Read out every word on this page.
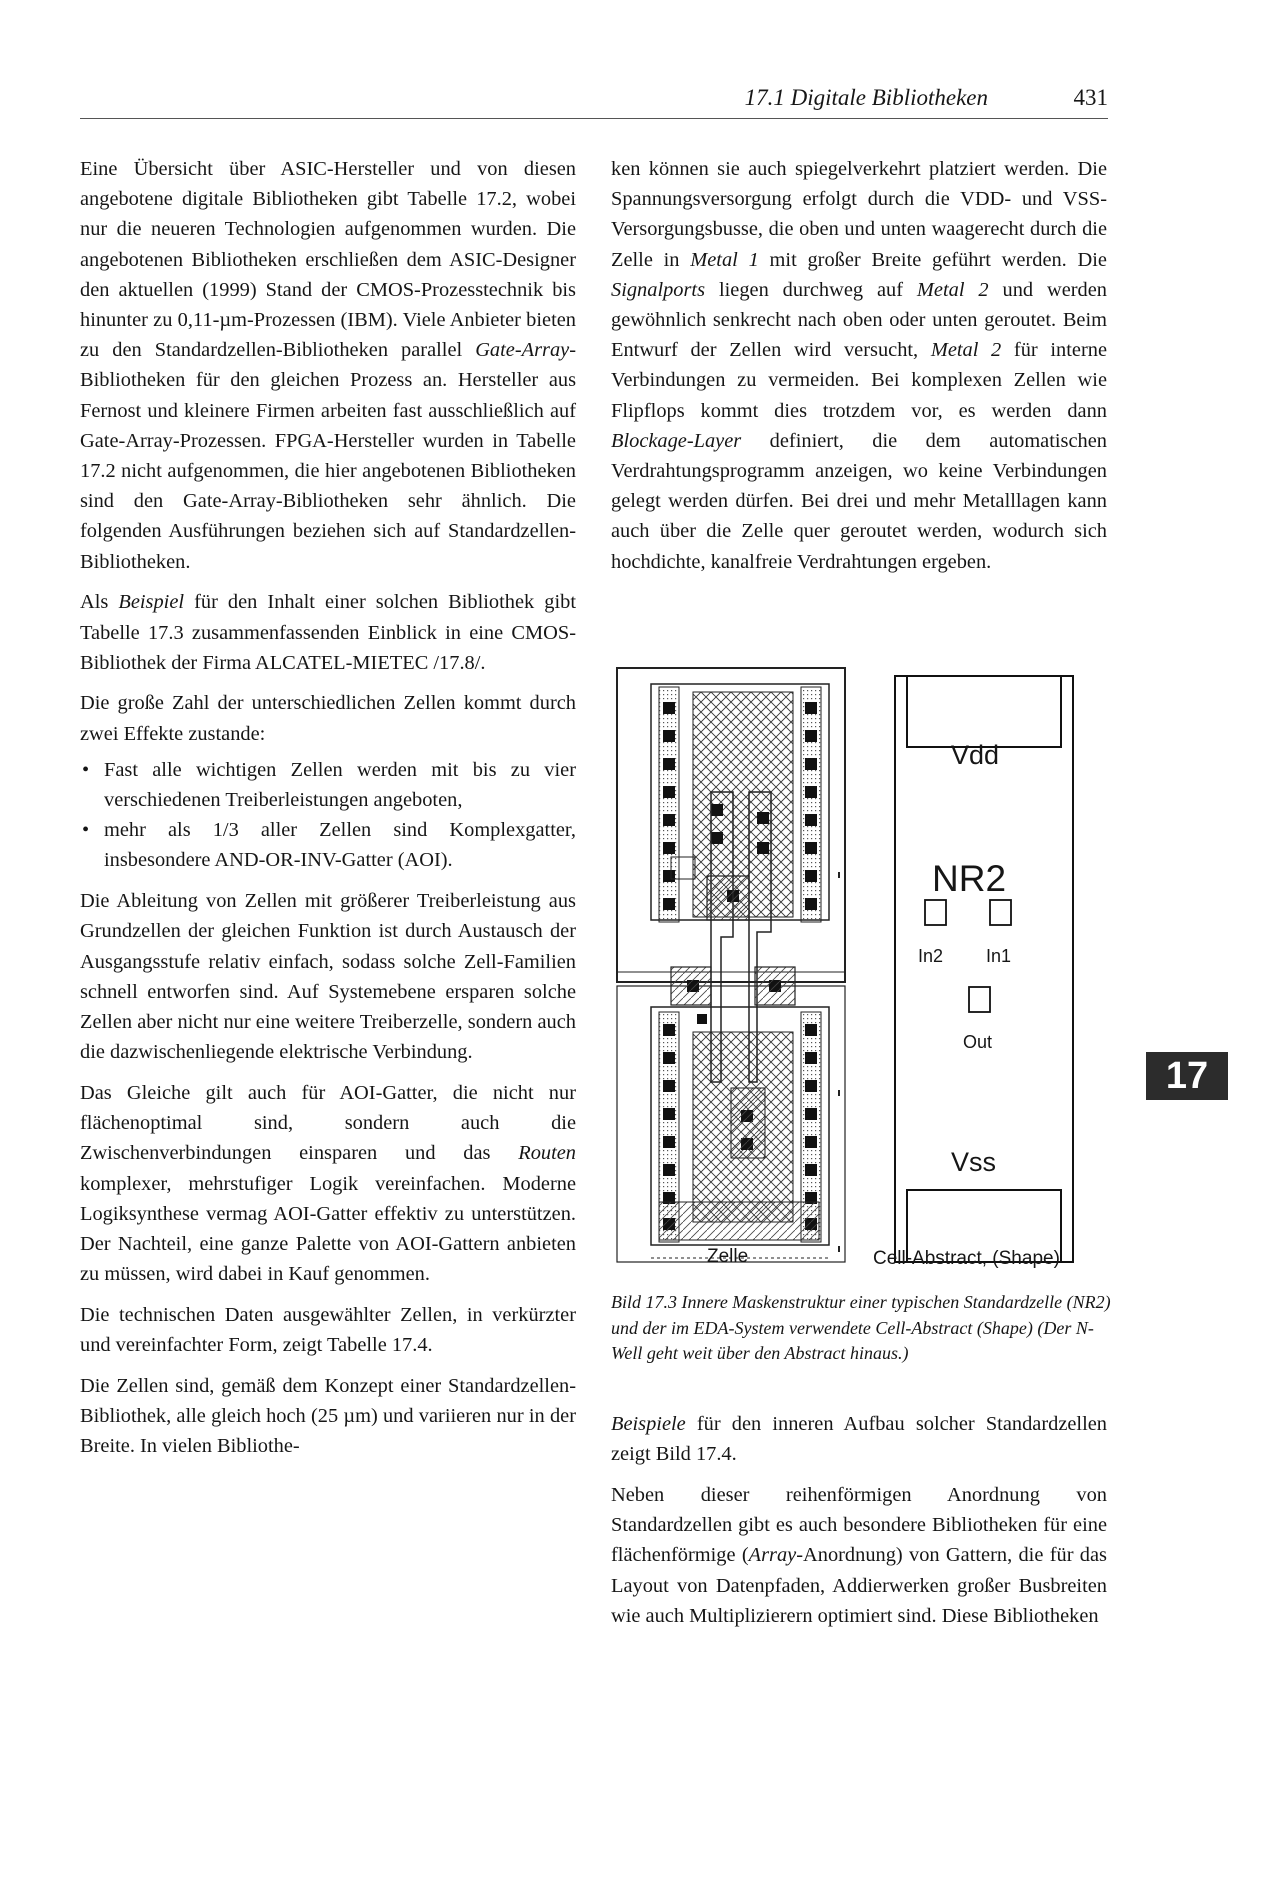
17.1 Digitale Bibliotheken	431

Eine Übersicht über ASIC-Hersteller und von diesen angebotene digitale Bibliotheken gibt Tabelle 17.2, wobei nur die neueren Technologien aufgenommen wurden. Die angebotenen Bibliotheken erschließen dem ASIC-Designer den aktuellen (1999) Stand der CMOS-Prozesstechnik bis hinunter zu 0,11-µm-Prozessen (IBM). Viele Anbieter bieten zu den Standardzellen-Bibliotheken parallel Gate-Array-Bibliotheken für den gleichen Prozess an. Hersteller aus Fernost und kleinere Firmen arbeiten fast ausschließlich auf Gate-Array-Prozessen. FPGA-Hersteller wurden in Tabelle 17.2 nicht aufgenommen, die hier angebotenen Bibliotheken sind den Gate-Array-Bibliotheken sehr ähnlich. Die folgenden Ausführungen beziehen sich auf Standardzellen-Bibliotheken.

Als Beispiel für den Inhalt einer solchen Bibliothek gibt Tabelle 17.3 zusammenfassenden Einblick in eine CMOS-Bibliothek der Firma ALCATEL-MIETEC /17.8/.

Die große Zahl der unterschiedlichen Zellen kommt durch zwei Effekte zustande:

• Fast alle wichtigen Zellen werden mit bis zu vier verschiedenen Treiberleistungen angeboten,
• mehr als 1/3 aller Zellen sind Komplexgatter, insbesondere AND-OR-INV-Gatter (AOI).

Die Ableitung von Zellen mit größerer Treiberleistung aus Grundzellen der gleichen Funktion ist durch Austausch der Ausgangsstufe relativ einfach, sodass solche Zell-Familien schnell entworfen sind. Auf Systemebene ersparen solche Zellen aber nicht nur eine weitere Treiberzelle, sondern auch die dazwischenliegende elektrische Verbindung.

Das Gleiche gilt auch für AOI-Gatter, die nicht nur flächenoptimal sind, sondern auch die Zwischenverbindungen einsparen und das Routen komplexer, mehrstufiger Logik vereinfachen. Moderne Logiksynthese vermag AOI-Gatter effektiv zu unterstützen. Der Nachteil, eine ganze Palette von AOI-Gattern anbieten zu müssen, wird dabei in Kauf genommen.

Die technischen Daten ausgewählter Zellen, in verkürzter und vereinfachter Form, zeigt Tabelle 17.4.

Die Zellen sind, gemäß dem Konzept einer Standardzellen-Bibliothek, alle gleich hoch (25 µm) und variieren nur in der Breite. In vielen Bibliothe-

ken können sie auch spiegelverkehrt platziert werden. Die Spannungsversorgung erfolgt durch die VDD- und VSS-Versorgungsbusse, die oben und unten waagerecht durch die Zelle in Metal 1 mit großer Breite geführt werden. Die Signalports liegen durchweg auf Metal 2 und werden gewöhnlich senkrecht nach oben oder unten geroutet. Beim Entwurf der Zellen wird versucht, Metal 2 für interne Verbindungen zu vermeiden. Bei komplexen Zellen wie Flipflops kommt dies trotzdem vor, es werden dann Blockage-Layer definiert, die dem automatischen Verdrahtungsprogramm anzeigen, wo keine Verbindungen gelegt werden dürfen. Bei drei und mehr Metalllagen kann auch über die Zelle quer geroutet werden, wodurch sich hochdichte, kanalfreie Verdrahtungen ergeben.

Vdd
NR2
In2 In1
Out
Vss
Zelle	Cell-Abstract, (Shape)
Bild 17.3 Innere Maskenstruktur einer typischen Standardzelle (NR2) und der im EDA-System verwendete Cell-Abstract (Shape) (Der N-Well geht weit über den Abstract hinaus.)

Beispiele für den inneren Aufbau solcher Standardzellen zeigt Bild 17.4.

Neben dieser reihenförmigen Anordnung von Standardzellen gibt es auch besondere Bibliotheken für eine flächenförmige (Array-Anordnung) von Gattern, die für das Layout von Datenpfaden, Addierwerken großer Busbreiten wie auch Multiplizierern optimiert sind. Diese Bibliotheken

17
